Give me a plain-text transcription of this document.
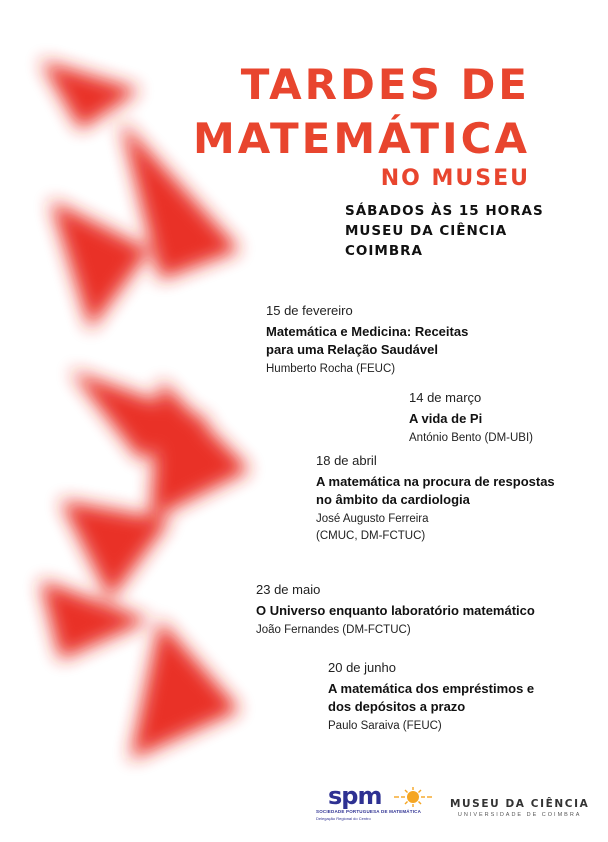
TARDES DE
MATEMÁTICA
NO MUSEU
SÁBADOS ÀS 15 HORAS
MUSEU DA CIÊNCIA
COIMBRA
15 de fevereiro
Matemática e Medicina: Receitas
para uma Relação Saudável
Humberto Rocha (FEUC)
14 de março
A vida de Pi
António Bento (DM-UBI)
18 de abril
A matemática na procura de respostas
no âmbito da cardiologia
José Augusto Ferreira
(CMUC, DM-FCTUC)
23 de maio
O Universo enquanto laboratório matemático
João Fernandes (DM-FCTUC)
20 de junho
A matemática dos empréstimos e
dos depósitos a prazo
Paulo Saraiva (FEUC)
spm
SOCIEDADE PORTUGUESA DE MATEMÁTICA
Delegação Regional do Centro
MUSEU DA CIÊNCIA
UNIVERSIDADE DE COIMBRA
